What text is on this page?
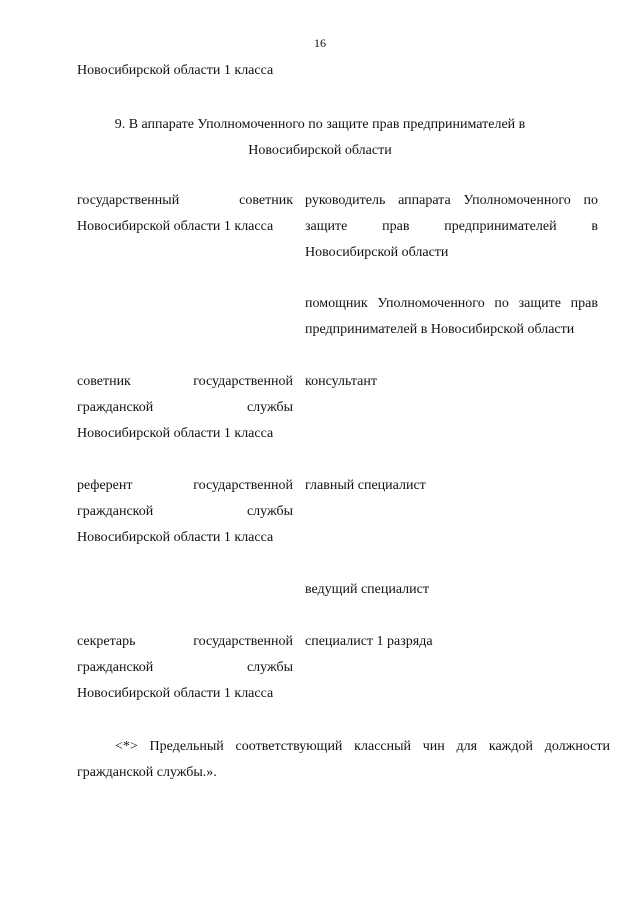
16
Новосибирской области 1 класса
9. В аппарате Уполномоченного по защите прав предпринимателей в
Новосибирской области
государственный советник
Новосибирской области 1 класса
руководитель аппарата Уполномоченного по
защите прав предпринимателей в
Новосибирской области
помощник Уполномоченного по защите прав
предпринимателей в Новосибирской области
советник государственной
гражданской службы
Новосибирской области 1 класса
консультант
референт государственной
гражданской службы
Новосибирской области 1 класса
главный специалист
ведущий специалист
секретарь государственной
гражданской службы
Новосибирской области 1 класса
специалист 1 разряда
<*> Предельный соответствующий классный чин для каждой должности
гражданской службы.».
